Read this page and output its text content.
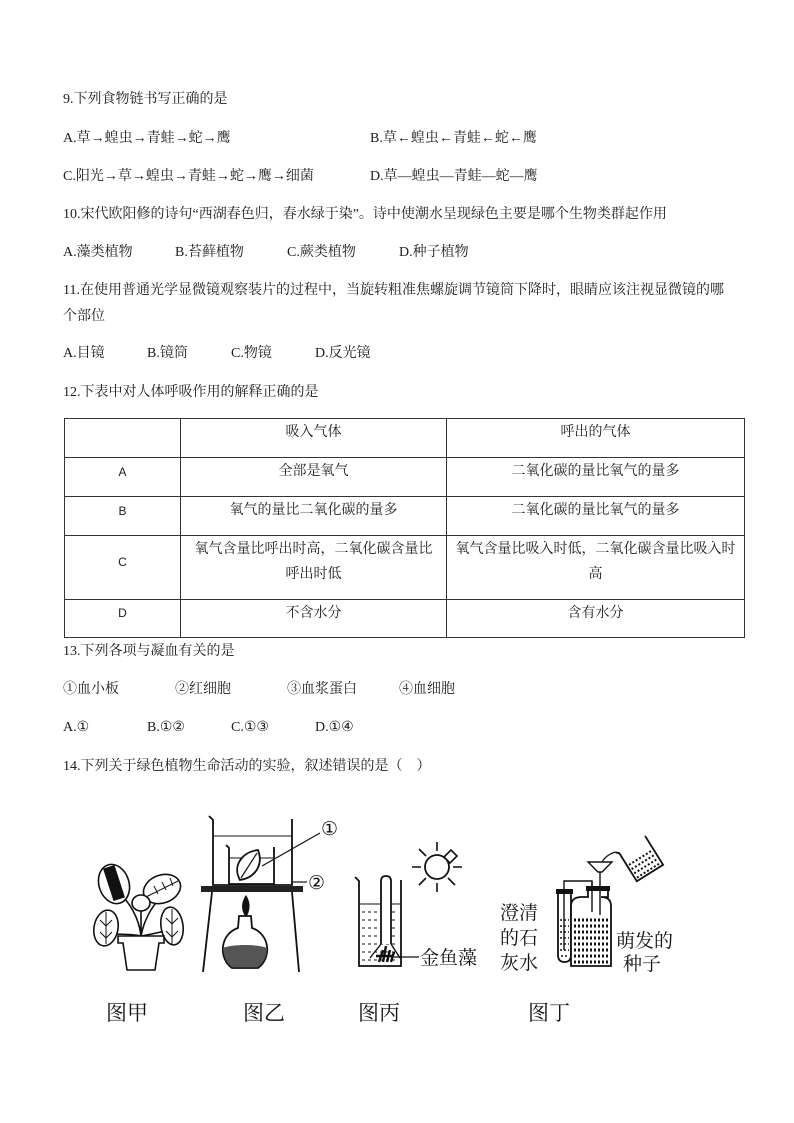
9.下列食物链书写正确的是
A.草→蝗虫→青蛙→蛇→鹰	B.草←蝗虫←青蛙←蛇←鹰
C.阳光→草→蝗虫→青蛙→蛇→鹰→细菌	D.草—蝗虫—青蛙—蛇—鹰
10.宋代欧阳修的诗句“西湖春色归，春水绿于染”。诗中使潮水呈现绿色主要是哪个生物类群起作用
A.藻类植物	B.苔藓植物	C.蕨类植物	D.种子植物
11.在使用普通光学显微镜观察装片的过程中，当旋转粗准焦螺旋调节镜筒下降时，眼睛应该注视显微镜的哪
个部位
A.目镜	B.镜筒	C.物镜	D.反光镜
12.下表中对人体呼吸作用的解释正确的是
	吸入气体	呼出的气体
A	全部是氧气	二氧化碳的量比氧气的量多
B	氧气的量比二氧化碳的量多	二氧化碳的量比氧气的量多
C	氧气含量比呼出时高，二氧化碳含量比呼出时低	氧气含量比吸入时低，二氧化碳含量比吸入时高
D	不含水分	含有水分
13.下列各项与凝血有关的是
①血小板	②红细胞	③血浆蛋白	④血细胞
A.①	B.①②	C.①③	D.①④
14.下列关于绿色植物生命活动的实验，叙述错误的是（    ）
①
②
金鱼藻
澄清
的石
灰水
萌发的
种子
图甲	图乙	图丙	图丁
